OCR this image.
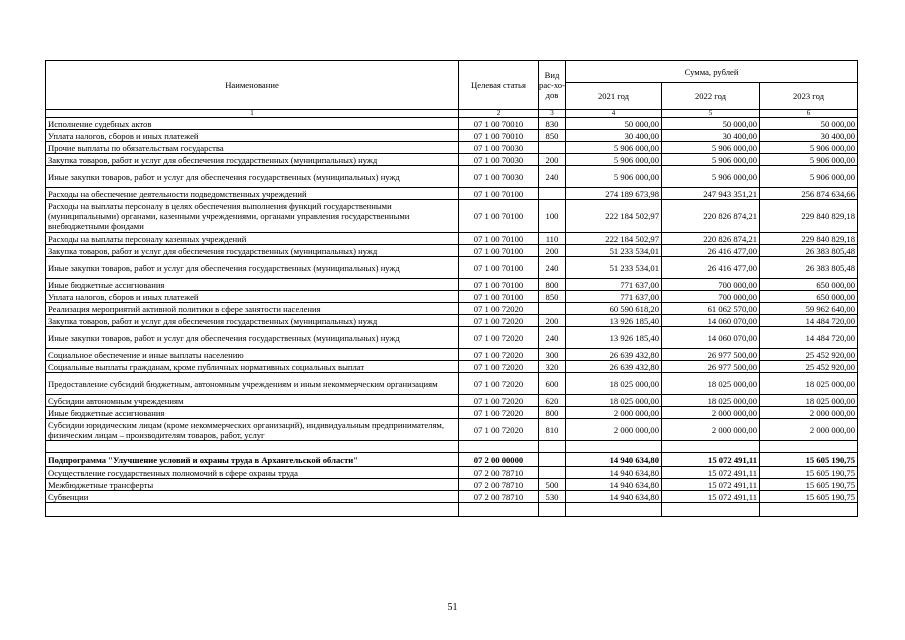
Наименование	Целевая статья	Вид рас-хо-дов	Сумма, рублей		
			2021 год	2022 год	2023 год
1	2	3	4	5	6
Исполнение судебных актов	07 1 00 70010	830	50 000,00	50 000,00	50 000,00
Уплата налогов, сборов и иных платежей	07 1 00 70010	850	30 400,00	30 400,00	30 400,00
Прочие выплаты по обязательствам государства	07 1 00 70030		5 906 000,00	5 906 000,00	5 906 000,00
Закупка товаров, работ и услуг для обеспечения государственных (муниципальных) нужд	07 1 00 70030	200	5 906 000,00	5 906 000,00	5 906 000,00
Иные закупки товаров, работ и услуг для обеспечения государственных (муниципальных) нужд	07 1 00 70030	240	5 906 000,00	5 906 000,00	5 906 000,00
Расходы на обеспечение деятельности подведомственных учреждений	07 1 00 70100		274 189 673,98	247 943 351,21	256 874 634,66
Расходы на выплаты персоналу в целях обеспечения выполнения функций государственными (муниципальными) органами, казенными учреждениями, органами управления государственными внебюджетными фондами	07 1 00 70100	100	222 184 502,97	220 826 874,21	229 840 829,18
Расходы на выплаты персоналу казенных учреждений	07 1 00 70100	110	222 184 502,97	220 826 874,21	229 840 829,18
Закупка товаров, работ и услуг для обеспечения государственных (муниципальных) нужд	07 1 00 70100	200	51 233 534,01	26 416 477,00	26 383 805,48
Иные закупки товаров, работ и услуг для обеспечения государственных (муниципальных) нужд	07 1 00 70100	240	51 233 534,01	26 416 477,00	26 383 805,48
Иные бюджетные ассигнования	07 1 00 70100	800	771 637,00	700 000,00	650 000,00
Уплата налогов, сборов и иных платежей	07 1 00 70100	850	771 637,00	700 000,00	650 000,00
Реализация мероприятий активной политики в сфере занятости населения	07 1 00 72020		60 590 618,20	61 062 570,00	59 962 640,00
Закупка товаров, работ и услуг для обеспечения государственных (муниципальных) нужд	07 1 00 72020	200	13 926 185,40	14 060 070,00	14 484 720,00
Иные закупки товаров, работ и услуг для обеспечения государственных (муниципальных) нужд	07 1 00 72020	240	13 926 185,40	14 060 070,00	14 484 720,00
Социальное обеспечение и иные выплаты населению	07 1 00 72020	300	26 639 432,80	26 977 500,00	25 452 920,00
Социальные выплаты гражданам, кроме публичных нормативных социальных выплат	07 1 00 72020	320	26 639 432,80	26 977 500,00	25 452 920,00
Предоставление субсидий бюджетным, автономным учреждениям и иным некоммерческим организациям	07 1 00 72020	600	18 025 000,00	18 025 000,00	18 025 000,00
Субсидии автономным учреждениям	07 1 00 72020	620	18 025 000,00	18 025 000,00	18 025 000,00
Иные бюджетные ассигнования	07 1 00 72020	800	2 000 000,00	2 000 000,00	2 000 000,00
Субсидии юридическим лицам (кроме некоммерческих организаций), индивидуальным предпринимателям, физическим лицам – производителям товаров, работ, услуг	07 1 00 72020	810	2 000 000,00	2 000 000,00	2 000 000,00

Подпрограмма "Улучшение условий и охраны труда в Архангельской области"	07 2 00 00000		14 940 634,80	15 072 491,11	15 605 190,75
Осуществление государственных полномочий в сфере охраны труда	07 2 00 78710		14 940 634,80	15 072 491,11	15 605 190,75
Межбюджетные трансферты	07 2 00 78710	500	14 940 634,80	15 072 491,11	15 605 190,75
Субвенции	07 2 00 78710	530	14 940 634,80	15 072 491,11	15 605 190,75

51
